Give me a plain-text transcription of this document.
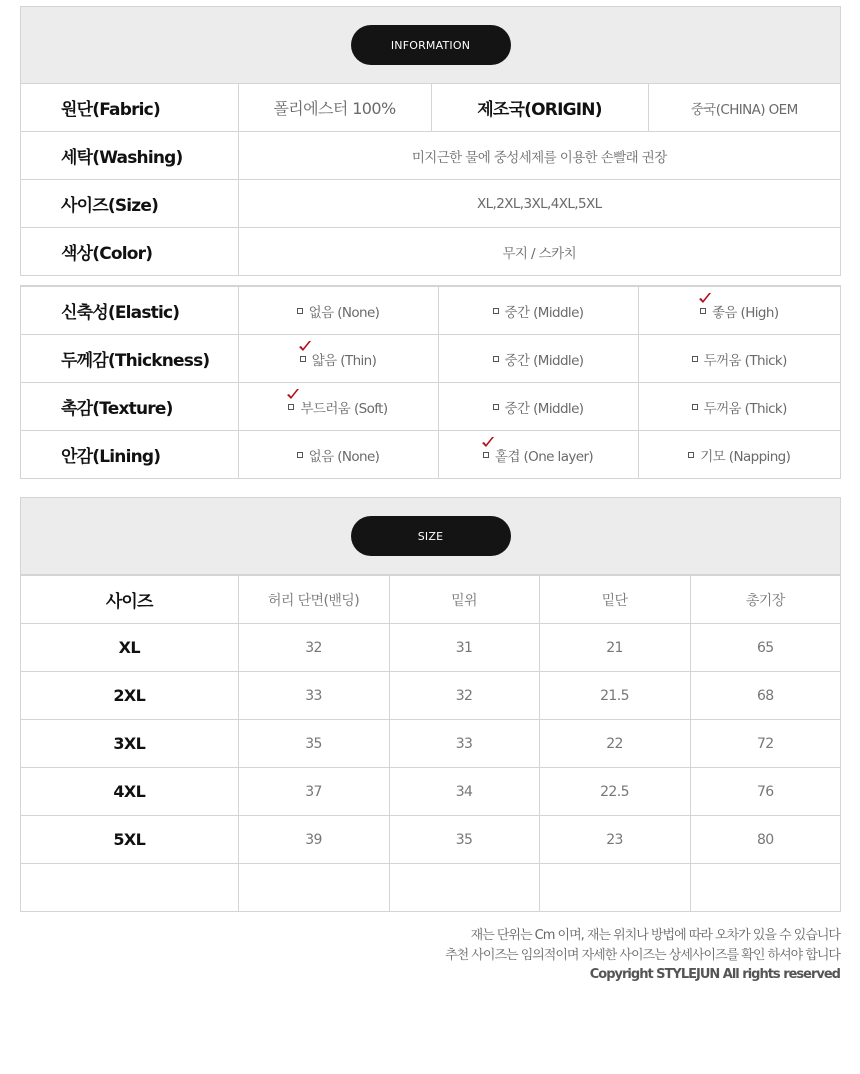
INFORMATION
원단(Fabric)	폴리에스터 100%	제조국(ORIGIN)	중국(CHINA) OEM
세탁(Washing)	미지근한 물에 중성세제를 이용한 손빨래 권장		
사이즈(Size)	XL,2XL,3XL,4XL,5XL		
색상(Color)	무지 / 스카치		
신축성(Elastic)	없음 (None)	중간 (Middle)	좋음 (High)

두께감(Thickness)	얇음 (Thin)	중간 (Middle)	두꺼움 (Thick)

촉감(Texture)	부드러움 (Soft)	중간 (Middle)	두꺼움 (Thick)

안감(Lining)	없음 (None)	홑겹 (One layer)	기모 (Napping)
SIZE
사이즈	허리 단면(밴딩)	밑위	밑단	총기장
XL	32	31	21	65
2XL	33	32	21.5	68
3XL	35	33	22	72
4XL	37	34	22.5	76
5XL	39	35	23	80

재는 단위는 Cm 이며, 재는 위치나 방법에 따라 오차가 있을 수 있습니다
추천 사이즈는 임의적이며 자세한 사이즈는 상세사이즈를 확인 하셔야 합니다
Copyright STYLEJUN All rights reserved
